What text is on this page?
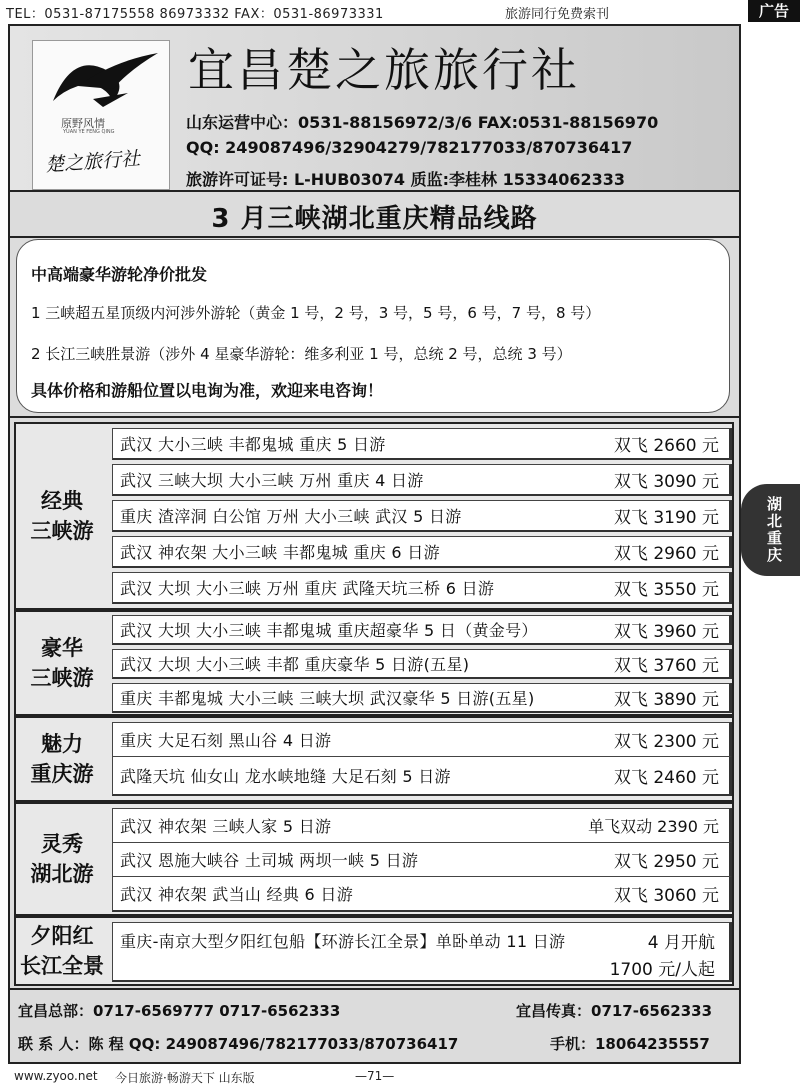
TEL：0531-87175558 86973332 FAX：0531-86973331	旅游同行免费索刊	广告
原野风情
YUAN YE FENG QING
楚之旅行社
宜昌楚之旅旅行社
山东运营中心：0531-88156972/3/6 FAX:0531-88156970
QQ: 249087496/32904279/782177033/870736417
旅游许可证号: L-HUB03074 质监:李桂林 15334062333
3 月三峡湖北重庆精品线路
中高端豪华游轮净价批发
1 三峡超五星顶级内河涉外游轮（黄金 1 号，2 号，3 号，5 号，6 号，7 号，8 号）
2 长江三峡胜景游（涉外 4 星豪华游轮：维多利亚 1 号，总统 2 号，总统 3 号）
具体价格和游船位置以电询为准，欢迎来电咨询！
经典
三峡游
武汉 大小三峡 丰都鬼城 重庆 5 日游	双飞 2660 元
武汉 三峡大坝 大小三峡 万州 重庆 4 日游	双飞 3090 元
重庆 渣滓洞 白公馆 万州 大小三峡 武汉 5 日游	双飞 3190 元
武汉 神农架 大小三峡 丰都鬼城 重庆 6 日游	双飞 2960 元
武汉 大坝 大小三峡 万州 重庆 武隆天坑三桥 6 日游	双飞 3550 元
豪华
三峡游
武汉 大坝 大小三峡 丰都鬼城 重庆超豪华 5 日（黄金号）	双飞 3960 元
武汉 大坝 大小三峡 丰都 重庆豪华 5 日游(五星)	双飞 3760 元
重庆 丰都鬼城 大小三峡 三峡大坝 武汉豪华 5 日游(五星)	双飞 3890 元
魅力
重庆游
重庆 大足石刻 黑山谷 4 日游	双飞 2300 元
武隆天坑 仙女山 龙水峡地缝 大足石刻 5 日游	双飞 2460 元
灵秀
湖北游
武汉 神农架 三峡人家 5 日游	单飞双动 2390 元
武汉 恩施大峡谷 土司城 两坝一峡 5 日游	双飞 2950 元
武汉 神农架 武当山 经典 6 日游	双飞 3060 元
夕阳红
长江全景
重庆-南京大型夕阳红包船【环游长江全景】单卧单动 11 日游	4 月开航
1700 元/人起
宜昌总部：0717-6569777 0717-6562333	宜昌传真：0717-6562333
联 系 人：陈 程 QQ: 249087496/782177033/870736417	手机：18064235557
湖北重庆
www.zyoo.net 今日旅游·畅游天下 山东版	—71—
